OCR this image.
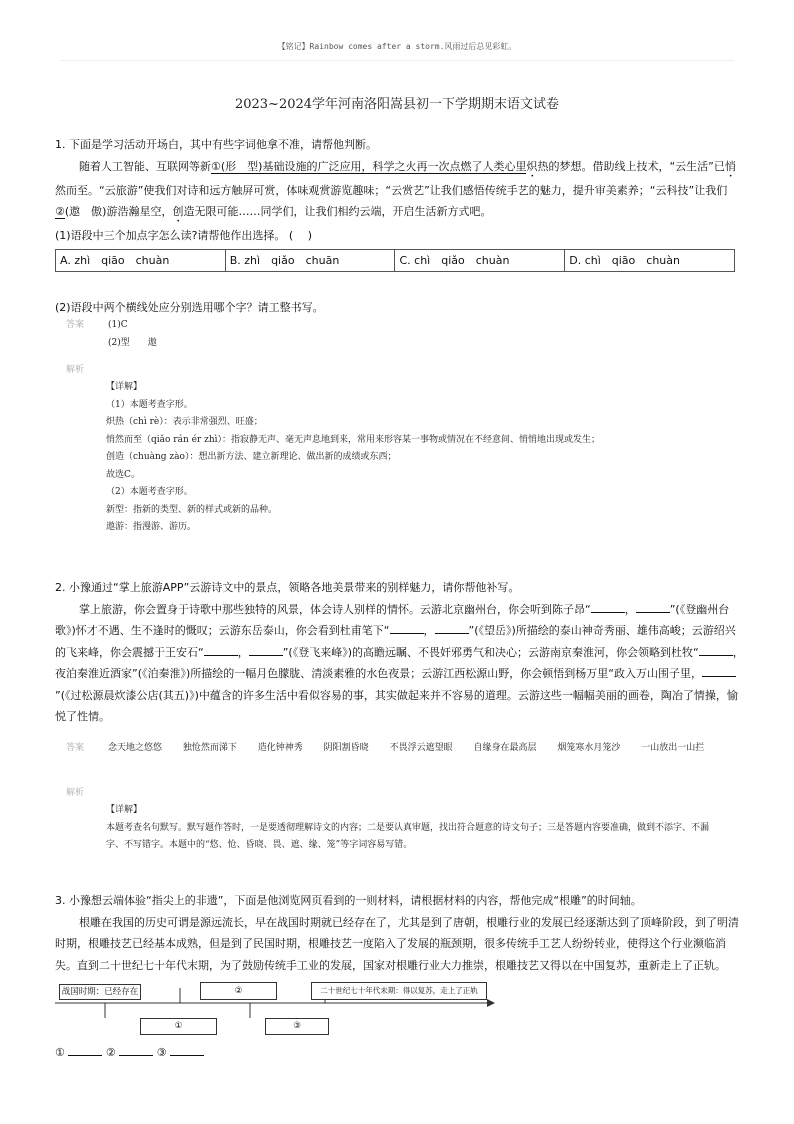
【铭记】Rainbow comes after a storm.风雨过后总见彩虹。
2023~2024学年河南洛阳嵩县初一下学期期末语文试卷
1. 下面是学习活动开场白，其中有些字词他拿不准，请帮他判断。
随着人工智能、互联网等新①(形　型)基础设施的广泛应用，科学之火再一次点燃了人类心里炽热的梦想。借助线上技术，“云生活”已悄然而至。“云旅游”使我们对诗和远方触屏可赏，体味观赏游览趣味；“云赏艺”让我们感悟传统手艺的魅力，提升审美素养；“云科技”让我们②(遨　傲)游浩瀚星空，创造无限可能……同学们，让我们相约云端，开启生活新方式吧。
(1)语段中三个加点字怎么读?请帮他作出选择。 (　 )
A. zhì　qiāo　chuàn	B. zhì　qiǎo　chuān	C. chì　qiǎo　chuàn	D. chì　qiāo　chuàn
(2)语段中两个横线处应分别选用哪个字？请工整书写。
答案	(1)C
(2)型　　遨
解析
【详解】
（1）本题考查字形。
炽热（chì rè）：表示非常强烈、旺盛；
悄然而至（qiǎo rán ér zhì）：指寂静无声、毫无声息地到来，常用来形容某一事物或情况在不经意间、悄悄地出现或发生；
创造（chuàng zào）：想出新方法、建立新理论、做出新的成绩或东西；
故选C。
（2）本题考查字形。
新型：指新的类型、新的样式或新的品种。
遨游：指漫游、游历。
2. 小豫通过“掌上旅游APP”云游诗文中的景点，领略各地美景带来的别样魅力，请你帮他补写。
掌上旅游，你会置身于诗歌中那些独特的风景，体会诗人别样的情怀。云游北京幽州台，你会听到陈子昂“	，	”(《登幽州台歌》)怀才不遇、生不逢时的慨叹；云游东岳泰山，你会看到杜甫笔下“	，	”(《望岳》)所描绘的泰山神奇秀丽、雄伟高峻；云游绍兴的飞来峰，你会震撼于王安石“	，	”(《登飞来峰》)的高瞻远瞩、不畏奸邪勇气和决心；云游南京秦淮河，你会领略到杜牧“	，夜泊秦淮近酒家”(《泊秦淮》)所描绘的一幅月色朦胧、清淡素雅的水色夜景；云游江西松源山野，你会顿悟到杨万里“政入万山围子里，”(《过松源晨炊漆公店(其五)》)中蕴含的许多生活中看似容易的事，其实做起来并不容易的道理。云游这些一幅幅美丽的画卷，陶冶了情操，愉悦了性情。
答案	念天地之悠悠   独怆然而涕下   造化钟神秀   阴阳割昏晓   不畏浮云遮望眼   自缘身在最高层   烟笼寒水月笼沙   一山放出一山拦
解析
【详解】
本题考查名句默写。默写题作答时，一是要透彻理解诗文的内容；二是要认真审题，找出符合题意的诗文句子；三是答题内容要准确，做到不添字、不漏字、不写错字。本题中的“悠、怆、昏晓、畏、遮、缘、笼”等字词容易写错。
3. 小豫想云端体验“指尖上的非遗”，下面是他浏览网页看到的一则材料，请根据材料的内容，帮他完成“根雕”的时间轴。
根雕在我国的历史可谓是源远流长，早在战国时期就已经存在了，尤其是到了唐朝，根雕行业的发展已经逐渐达到了顶峰阶段，到了明清时期，根雕技艺已经基本成熟，但是到了民国时期，根雕技艺一度陷入了发展的瓶颈期，很多传统手工艺人纷纷转业，使得这个行业濒临消失。直到二十世纪七十年代末期，为了鼓励传统手工业的发展，国家对根雕行业大力推崇，根雕技艺又得以在中国复苏，重新走上了正轨。
战国时期：已经存在	②
①	③
二十世纪七十年代末期：得以复苏，走上了正轨
①	②	③
